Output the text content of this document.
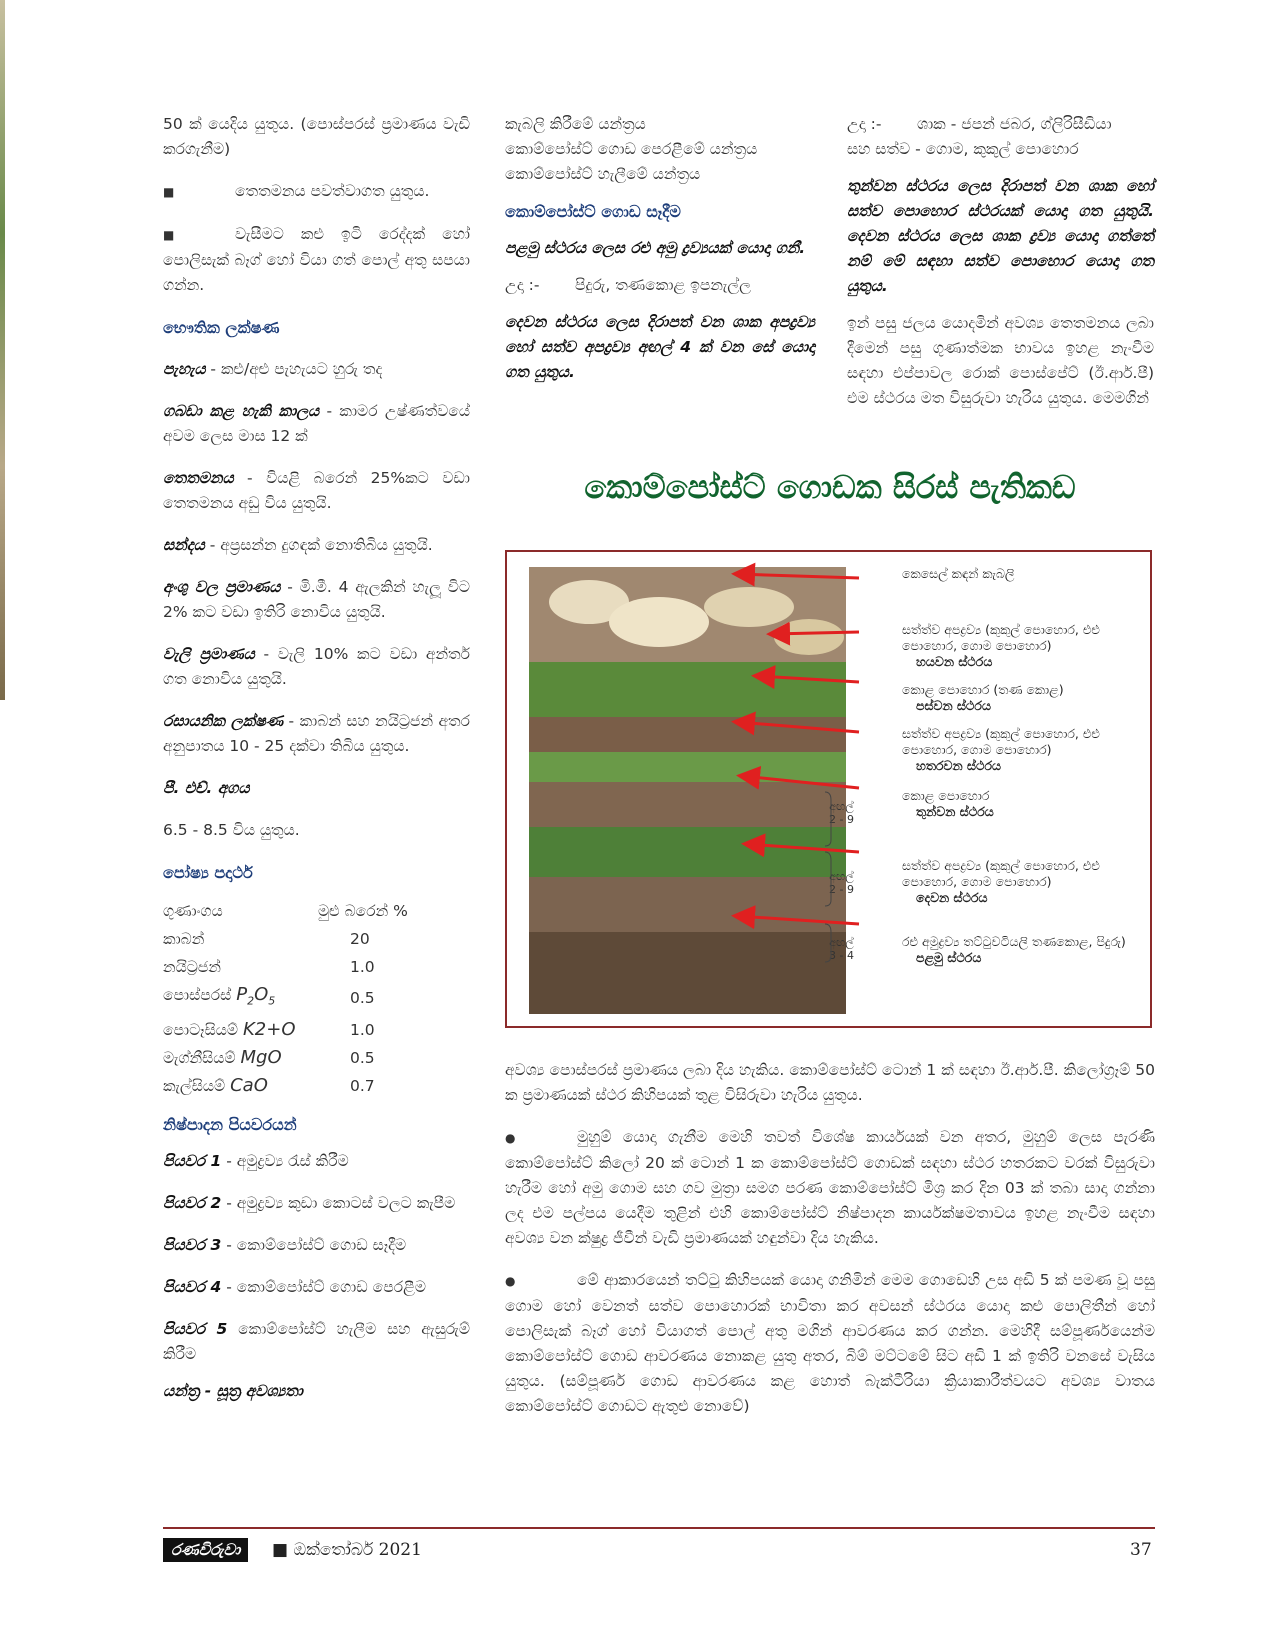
50 ක් යෙදිය යුතුය. (පොස්පරස් ප්‍රමාණය වැඩි කරගැනීම)

■	තෙතමනය පවත්වාගත යුතුය.

■	වැසීමට කළු ඉටි රෙද්දක් හෝ පොලිසැක් බෑග් හෝ වියා ගත් පොල් අතු සපයා ගන්න.

භෞතික ලක්ෂණ

පැහැය - කළු/අළු පැහැයට හුරු තද

ගබඩා කළ හැකි කාලය - කාමර උෂ්ණත්වයේ අවම ලෙස මාස 12 ක්

තෙතමනය - වියළි බරෙන් 25%කට වඩා තෙතමනය අඩු විය යුතුයි.

සන්දය - අප්‍රසන්න දුගඳක් නොතිබිය යුතුයි.

අංශු වල ප්‍රමාණය - මි.මී. 4 ඇලකින් හැලූ විට 2% කට වඩා ඉතිරි නොවිය යුතුයි.

වැලි ප්‍රමාණය - වැලි 10% කට වඩා අන්තර් ගත නොවිය යුතුයි.

රසායනික ලක්ෂණ - කාබන් සහ නයිට්‍රජන් අතර අනුපාතය 10 - 25 දක්වා තිබිය යුතුය.

පී. එච්. අගය

6.5 - 8.5 විය යුතුය.

පෝෂ්‍ය පදාර්ථ

ගුණාංගය	මුළු බරෙන් %
කාබන්	20
නයිට්‍රජන්	1.0
පොස්පරස් $P_2O_5$	0.5
පොටෑසියම් K2+O	1.0
මැග්නීසියම් MgO	0.5
කැල්සියම් CaO	0.7

නිෂ්පාදන පියවරයන්

පියවර 1 - අමුද්‍රව්‍ය රැස් කිරීම

පියවර 2 - අමුද්‍රව්‍ය කුඩා කොටස් වලට කැපීම

පියවර 3 - කොම්පෝස්ට් ගොඩ සෑදීම

පියවර 4 - කොම්පෝස්ට් ගොඩ පෙරළීම

පියවර 5 කොම්පෝස්ට් හැලීම සහ ඇසුරුම් කිරීම

යන්ත්‍ර - සූත්‍ර අවශ්‍යතා

කැබලි කිරීමේ යන්ත්‍රය

කොම්පෝස්ට් ගොඩ පෙරළීමේ යන්ත්‍රය

කොම්පෝස්ට් හැලීමේ යන්ත්‍රය

කොම්පෝස්ට් ගොඩ සෑදීම

පළමු ස්ථරය ලෙස රළු අමු ද්‍රව්‍යයක් යොදා ගනී.

උදා :- පිදුරු, තණකොළ ඉපනැල්ල

දෙවන ස්ථරය ලෙස දිරාපත් වන ශාක අපද්‍රව්‍ය හෝ සත්ව අපද්‍රව්‍ය අඟල් 4 ක් වන සේ යොදා ගත යුතුය.

උදා :- ශාක - ජපන් ජබර, ග්ලිරිසීඩියා

සහ සත්ව - ගොම, කුකුල් පොහොර

තුන්වන ස්ථරය ලෙස දිරාපත් වන ශාක හෝ සත්ව පොහොර ස්ථරයක් යොදා ගත යුතුයි. දෙවන ස්ථරය ලෙස ශාක ද්‍රව්‍ය යොදා ගත්තේ නම් මේ සඳහා සත්ව පොහොර යොදා ගත යුතුය.

ඉන් පසු ජලය යොදමින් අවශ්‍ය තෙතමනය ලබා දීමෙන් පසු ගුණාත්මක භාවය ඉහළ නැංවීම සඳහා එප්පාවල රොක් පොස්පේට් (ඊ.ආර්.පී) එම ස්ථරය මත විසුරුවා හැරිය යුතුය. මෙමගින්

කොම්පෝස්ට් ගොඩක සිරස් පැතිකඩ
කෙසෙල් කඳන් කැබලි
සත්ත්ව අපද්‍රව්‍ය (කුකුල් පොහොර, එළු පොහොර, ගොම පොහොර)
හයවන ස්ථරය
කොළ පොහොර (තණ කොළ)
පස්වන ස්ථරය
සත්ත්ව අපද්‍රව්‍ය (කුකුල් පොහොර, එළු පොහොර, ගොම පොහොර)
හතරවන ස්ථරය
කොළ පොහොර
තුන්වන ස්ථරය
සත්ත්ව අපද්‍රව්‍ය (කුකුල් පොහොර, එළු පොහොර, ගොම පොහොර)
දෙවන ස්ථරය
රළු අමුද්‍රව්‍ය තට්ටුවටියලි තණකොළ, පිදුරු)
පළමු ස්ථරය
අඟල්
2 - 9
අඟල්
2 - 9
අඟල්
3 - 4

අවශ්‍ය පොස්පරස් ප්‍රමාණය ලබා දිය හැකිය. කොම්පෝස්ට් ටොන් 1 ක් සඳහා ඊ.ආර්.පී. කිලෝග්‍රෑම් 50 ක ප්‍රමාණයක් ස්ථර කිහිපයක් තුළ විසිරුවා හැරිය යුතුය.

●	මුහුම් යොදා ගැනීම මෙහි තවත් විශේෂ කාර්යයක් වන අතර, මුහුම් ලෙස පැරණි කොම්පෝස්ට් කිලෝ 20 ක් ටොන් 1 ක කොම්පෝස්ට් ගොඩක් සඳහා ස්ථර හතරකට වරක් විසුරුවා හැරීම හෝ අමු ගොම සහ ගව මුත්‍රා සමග පරණ කොම්පෝස්ට් මිශ්‍ර කර දින 03 ක් තබා සාදා ගන්නා ලද එම පල්පය යෙදීම තුළින් එහි කොම්පෝස්ට් නිෂ්පාදන කාර්යක්ෂමතාවය ඉහළ නැංවීම සඳහා අවශ්‍ය වන ක්ෂුද්‍ර ජීවීන් වැඩි ප්‍රමාණයක් හඳුන්වා දිය හැකිය.

●	මේ ආකාරයෙන් තට්ටු කිහිපයක් යොදා ගනිමින් මෙම ගොඩෙහි උස අඩි 5 ක් පමණ වූ පසු ගොම හෝ වෙනත් සත්ව පොහොරක් භාවිතා කර අවසන් ස්ථරය යොදා කළු පොලිතීන් හෝ පොලිසැක් බෑග් හෝ වියාගත් පොල් අතු මගින් ආවරණය කර ගන්න. මෙහිදී සම්පූර්ණයෙන්ම කොම්පෝස්ට් ගොඩ ආවරණය නොකළ යුතු අතර, බිම් මට්ටමේ සිට අඩි 1 ක් ඉතිරි වනසේ වැසිය යුතුය. (සම්පූර්ණ ගොඩ ආවරණය කළ හොත් බැක්ටීරියා ක්‍රියාකාරීත්වයට අවශ්‍ය වාතය කොම්පෝස්ට් ගොඩට ඇතුළු නොවේ)

රණවිරුවා	■ ඔක්තෝබර් 2021	37
